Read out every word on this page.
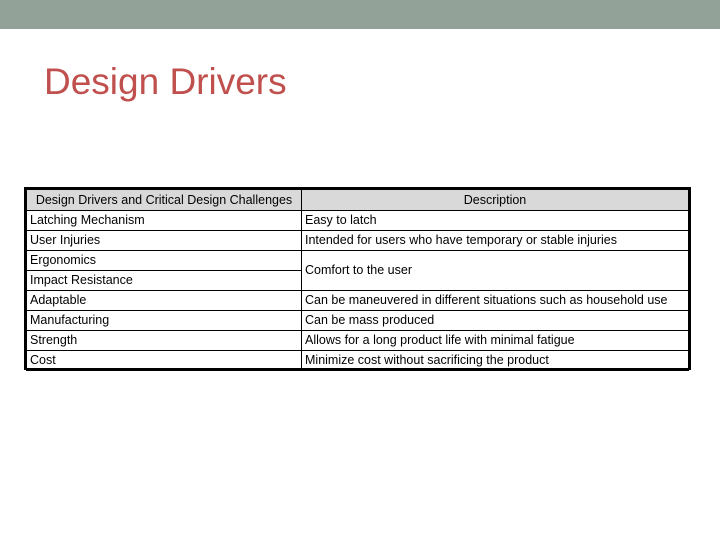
Design Drivers
Design Drivers and Critical Design Challenges	Description
Latching Mechanism	Easy to latch
User Injuries	Intended for users who have temporary or stable injuries
Ergonomics	Comfort to the user
Impact Resistance	
Adaptable	Can be maneuvered in different situations such as household use
Manufacturing	Can be mass produced
Strength	Allows for a long product life with minimal fatigue
Cost	Minimize cost without sacrificing the product
